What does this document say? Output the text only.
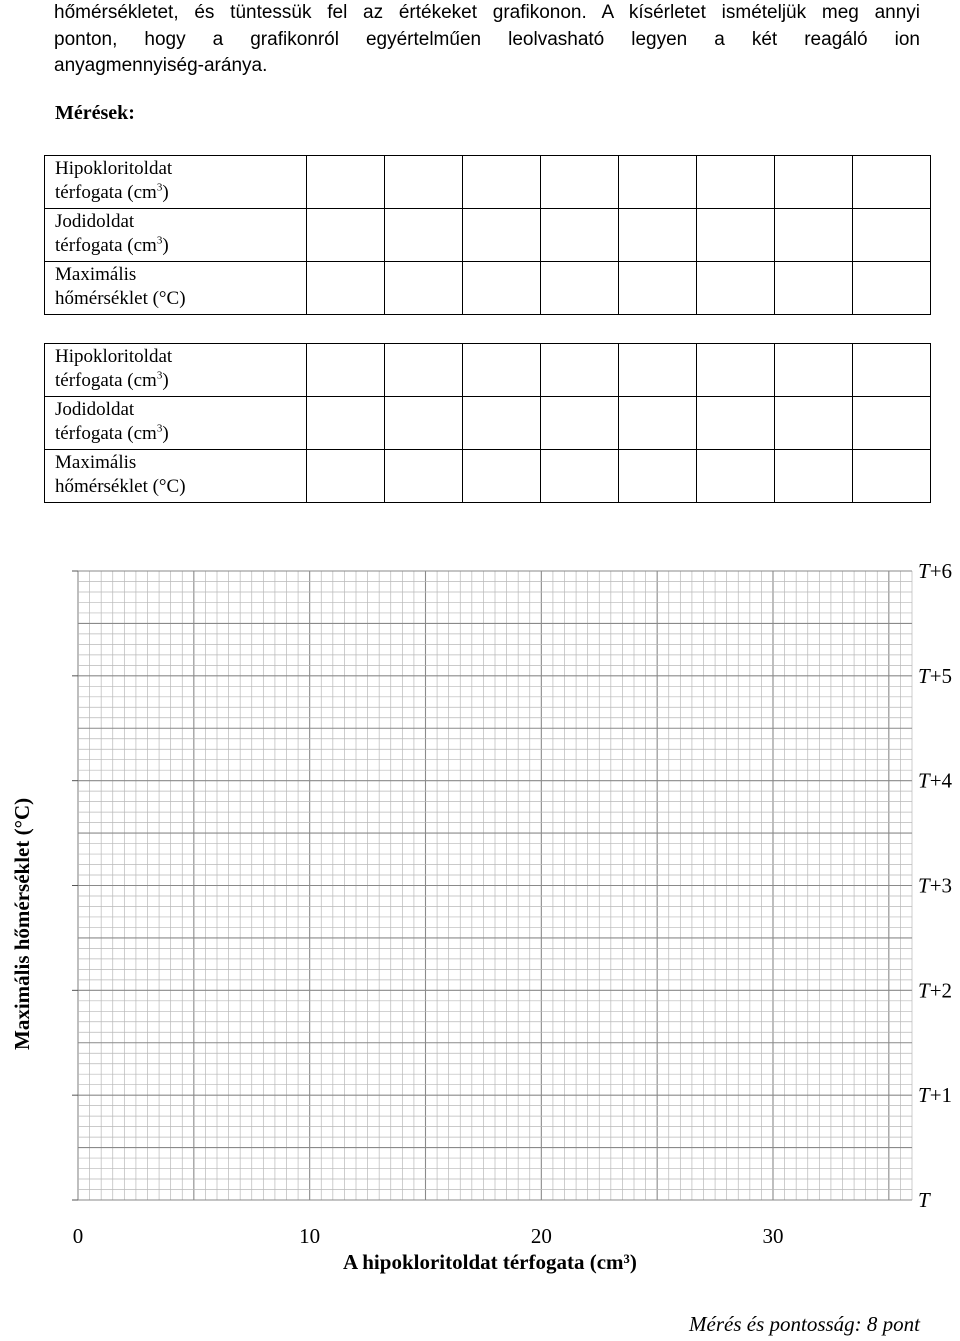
hőmérsékletet, és tüntessük fel az értékeket grafikonon. A kísérletet ismételjük meg annyi
ponton, hogy a grafikonról egyértelműen leolvasható legyen a két reagáló ion
anyagmennyiség-aránya.
Mérések:
Hipokloritoldat
térfogata $(cm^3)$								

Jodidoldat
térfogata $(cm^3)$								

Maximális
hőmérséklet (°C)								

Hipokloritoldat
térfogata $(cm^3)$								

Jodidoldat
térfogata $(cm^3)$								

Maximális
hőmérséklet (°C)								

T
T+1
T+2
T+3
T+4
T+5
T+6
0	10	20	30
Maximális hőmérséklet (°C)
A hipokloritoldat térfogata (cm³)
Mérés és pontosság: 8 pont
